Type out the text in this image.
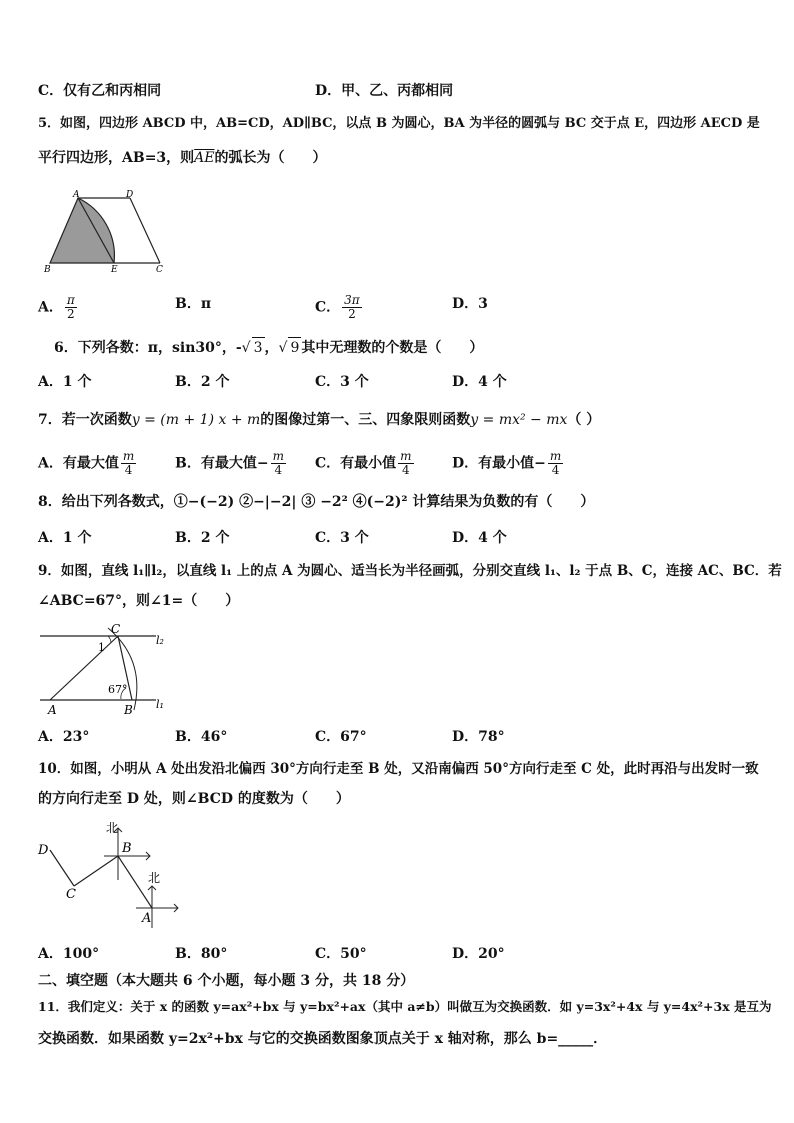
C．仅有乙和丙相同	D．甲、乙、丙都相同
5．如图，四边形 ABCD 中，AB=CD，AD∥BC，以点 B 为圆心，BA 为半径的圆弧与 BC 交于点 E，四边形 AECD 是
平行四边形，AB=3，则$\overline{AE}$的弧长为（　　）
A	D
B	E	C
A． $\frac{\pi}{2}$	B．π	C． $\frac{3\pi}{2}$	D．3
6．下列各数：π，sin30°，-√ 3 ，√ 9 其中无理数的个数是（　　）
A．1 个	B．2 个	C．3 个	D．4 个
7．若一次函数y = (m + 1) x + m的图像过第一、三、四象限则函数y = mx² − mx（ ）
A．有最大值 $\frac{m}{4}$	B．有最大值− $\frac{m}{4}$ C．有最小值 $\frac{m}{4}$	D．有最小值− $\frac{m}{4}$
8．给出下列各数式，①−(−2) ②−|−2| ③ −2² ④(−2)² 计算结果为负数的有（　　）
A．1 个	B．2 个	C．3 个	D．4 个
9．如图，直线 l₁∥l₂，以直线 l₁ 上的点 A 为圆心、适当长为半径画弧，分别交直线 l₁、l₂ 于点 B、C，连接 AC、BC．若
∠ABC=67°，则∠1=（　　）
C
l₂
1
67°
A	B l₁
A．23°	B．46°	C．67°	D．78°
10．如图，小明从 A 处出发沿北偏西 30°方向行走至 B 处，又沿南偏西 50°方向行走至 C 处，此时再沿与出发时一致
的方向行走至 D 处，则∠BCD 的度数为（　　）
D
北
B
C
北
A
A．100°	B．80°	C．50°	D．20°
二、填空题（本大题共 6 个小题，每小题 3 分，共 18 分）
11．我们定义：关于 x 的函数 y=ax²+bx 与 y=bx²+ax（其中 a≠b）叫做互为交换函数．如 y=3x²+4x 与 y=4x²+3x 是互为
交换函数．如果函数 y=2x²+bx 与它的交换函数图象顶点关于 x 轴对称，那么 b=_____．
